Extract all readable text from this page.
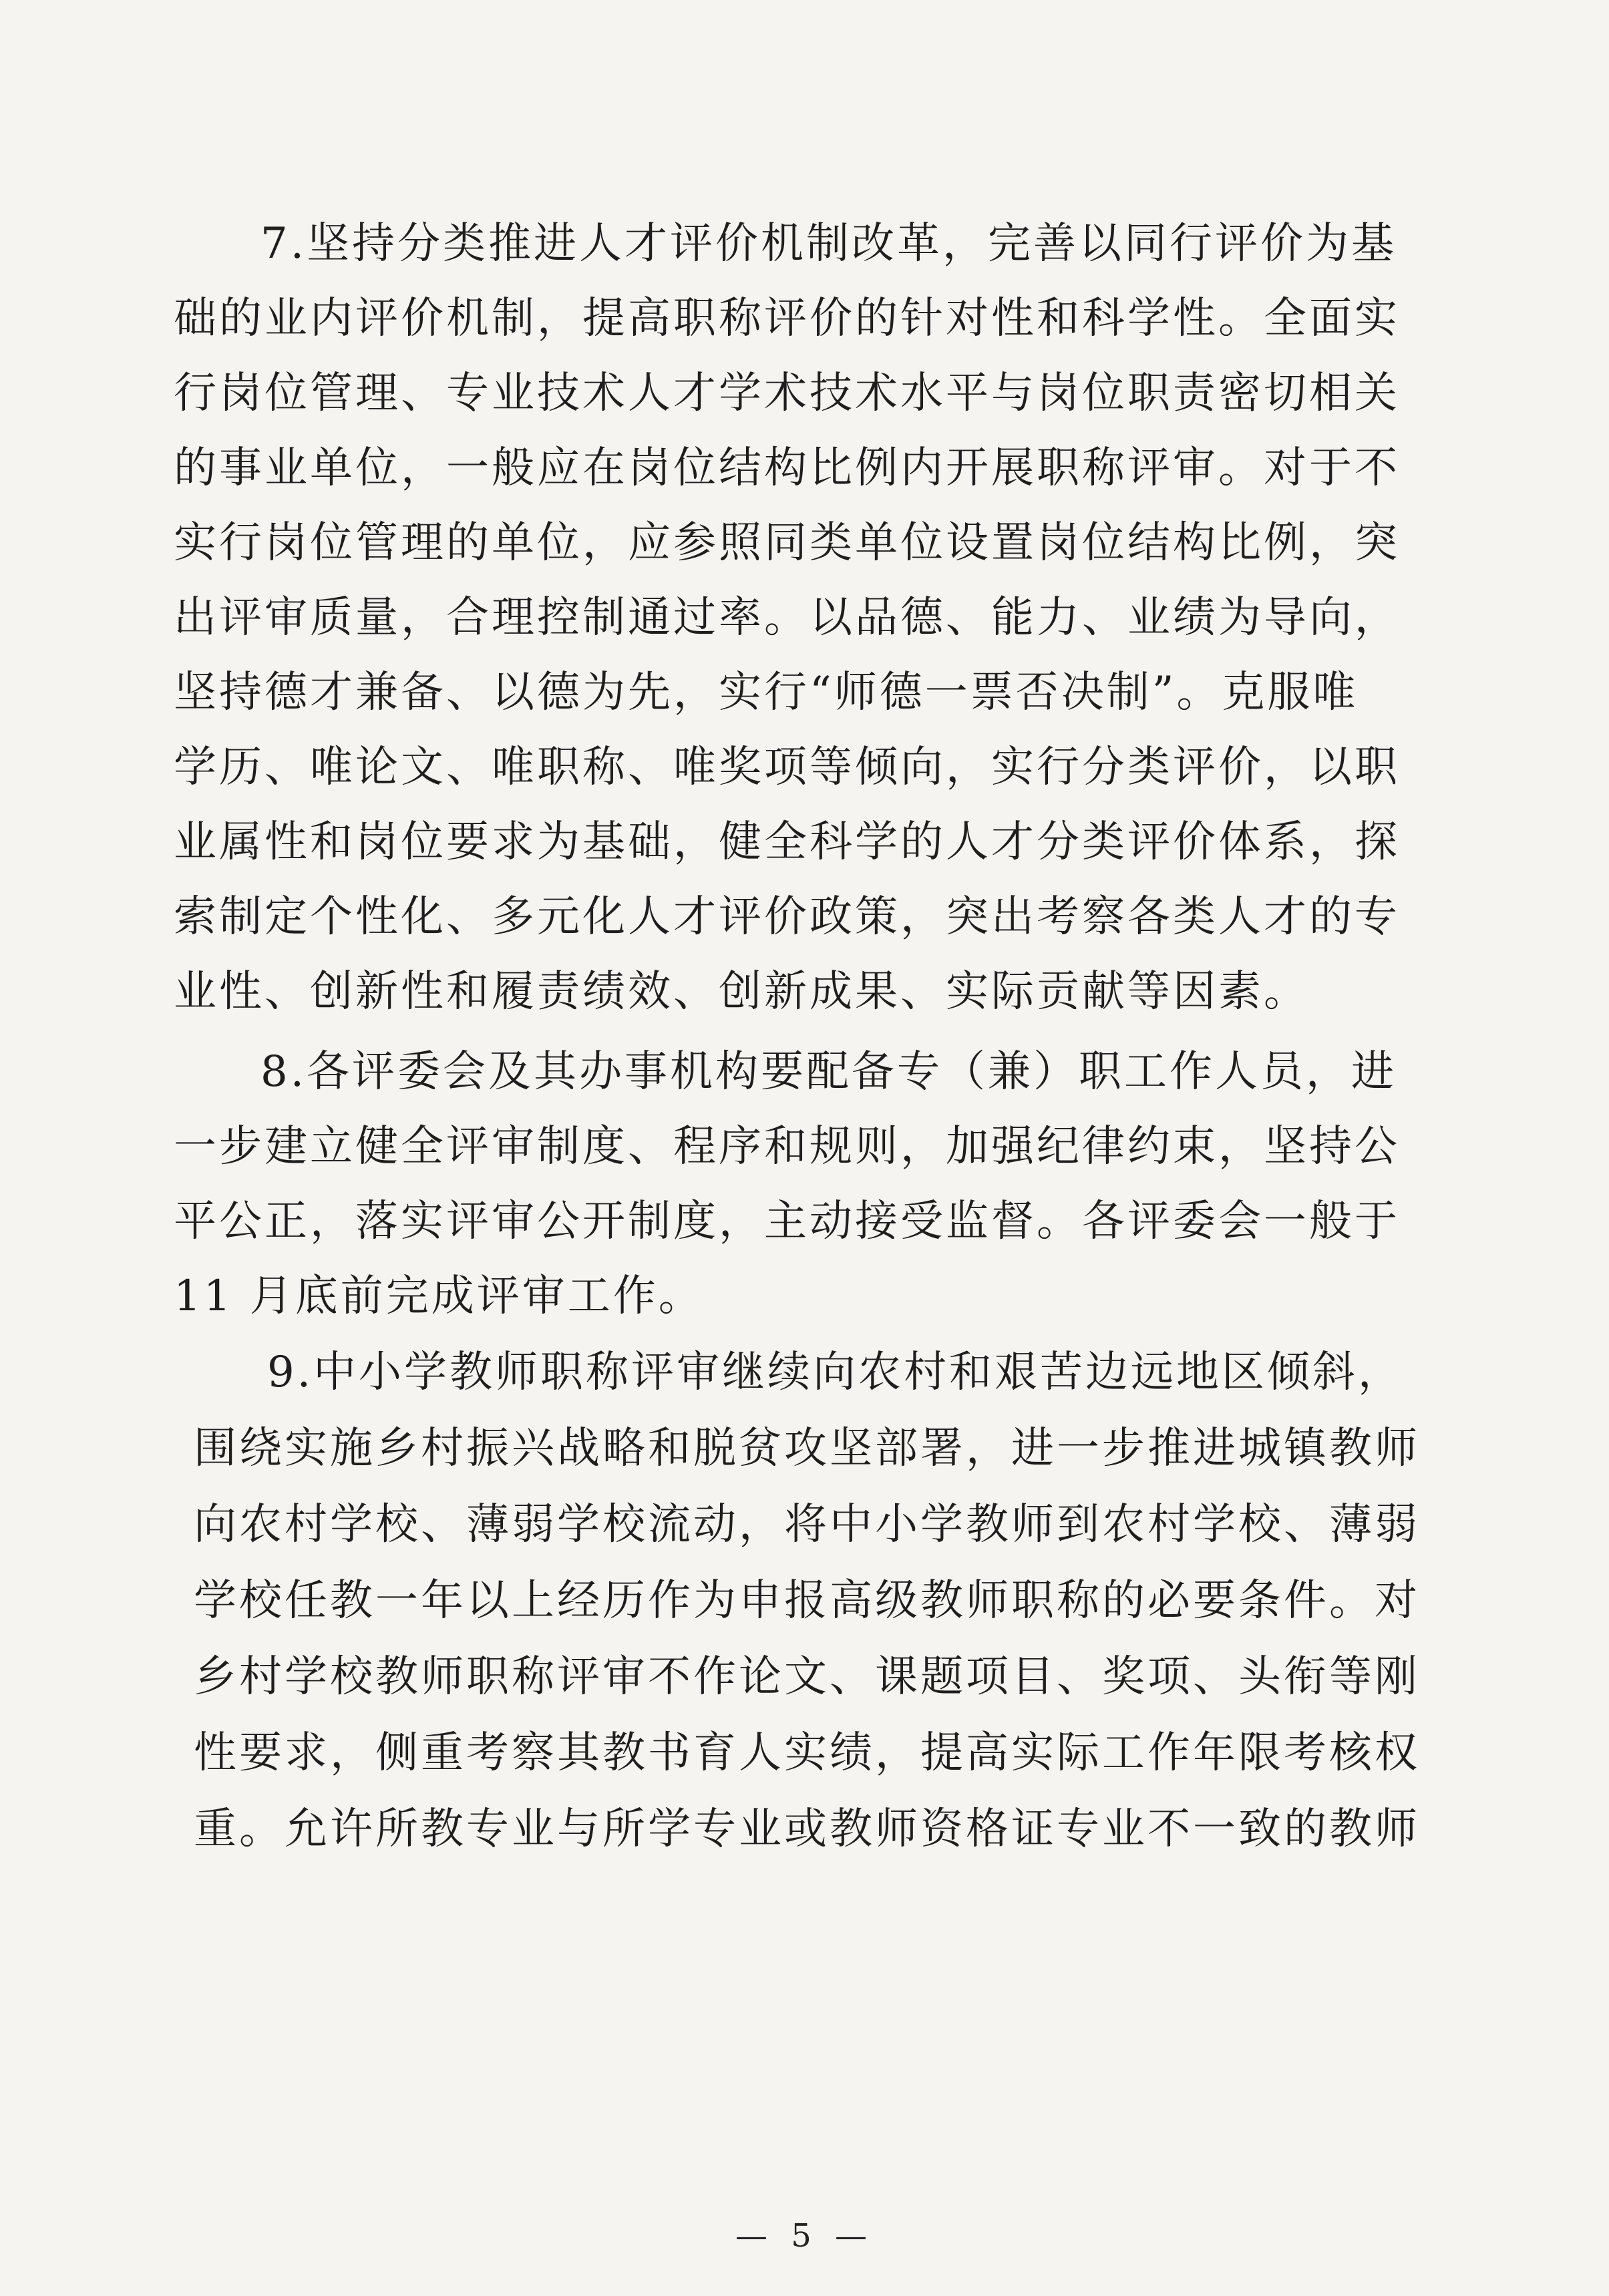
7.坚持分类推进人才评价机制改革，完善以同行评价为基
础的业内评价机制，提高职称评价的针对性和科学性。全面实
行岗位管理、专业技术人才学术技术水平与岗位职责密切相关
的事业单位，一般应在岗位结构比例内开展职称评审。对于不
实行岗位管理的单位，应参照同类单位设置岗位结构比例，突
出评审质量，合理控制通过率。以品德、能力、业绩为导向，
坚持德才兼备、以德为先，实行“师德一票否决制”。克服唯
学历、唯论文、唯职称、唯奖项等倾向，实行分类评价，以职
业属性和岗位要求为基础，健全科学的人才分类评价体系，探
索制定个性化、多元化人才评价政策，突出考察各类人才的专
业性、创新性和履责绩效、创新成果、实际贡献等因素。
8.各评委会及其办事机构要配备专（兼）职工作人员，进
一步建立健全评审制度、程序和规则，加强纪律约束，坚持公
平公正，落实评审公开制度，主动接受监督。各评委会一般于
11 月底前完成评审工作。
9.中小学教师职称评审继续向农村和艰苦边远地区倾斜，
围绕实施乡村振兴战略和脱贫攻坚部署，进一步推进城镇教师
向农村学校、薄弱学校流动，将中小学教师到农村学校、薄弱
学校任教一年以上经历作为申报高级教师职称的必要条件。对
乡村学校教师职称评审不作论文、课题项目、奖项、头衔等刚
性要求，侧重考察其教书育人实绩，提高实际工作年限考核权
重。允许所教专业与所学专业或教师资格证专业不一致的教师
— 5 —
